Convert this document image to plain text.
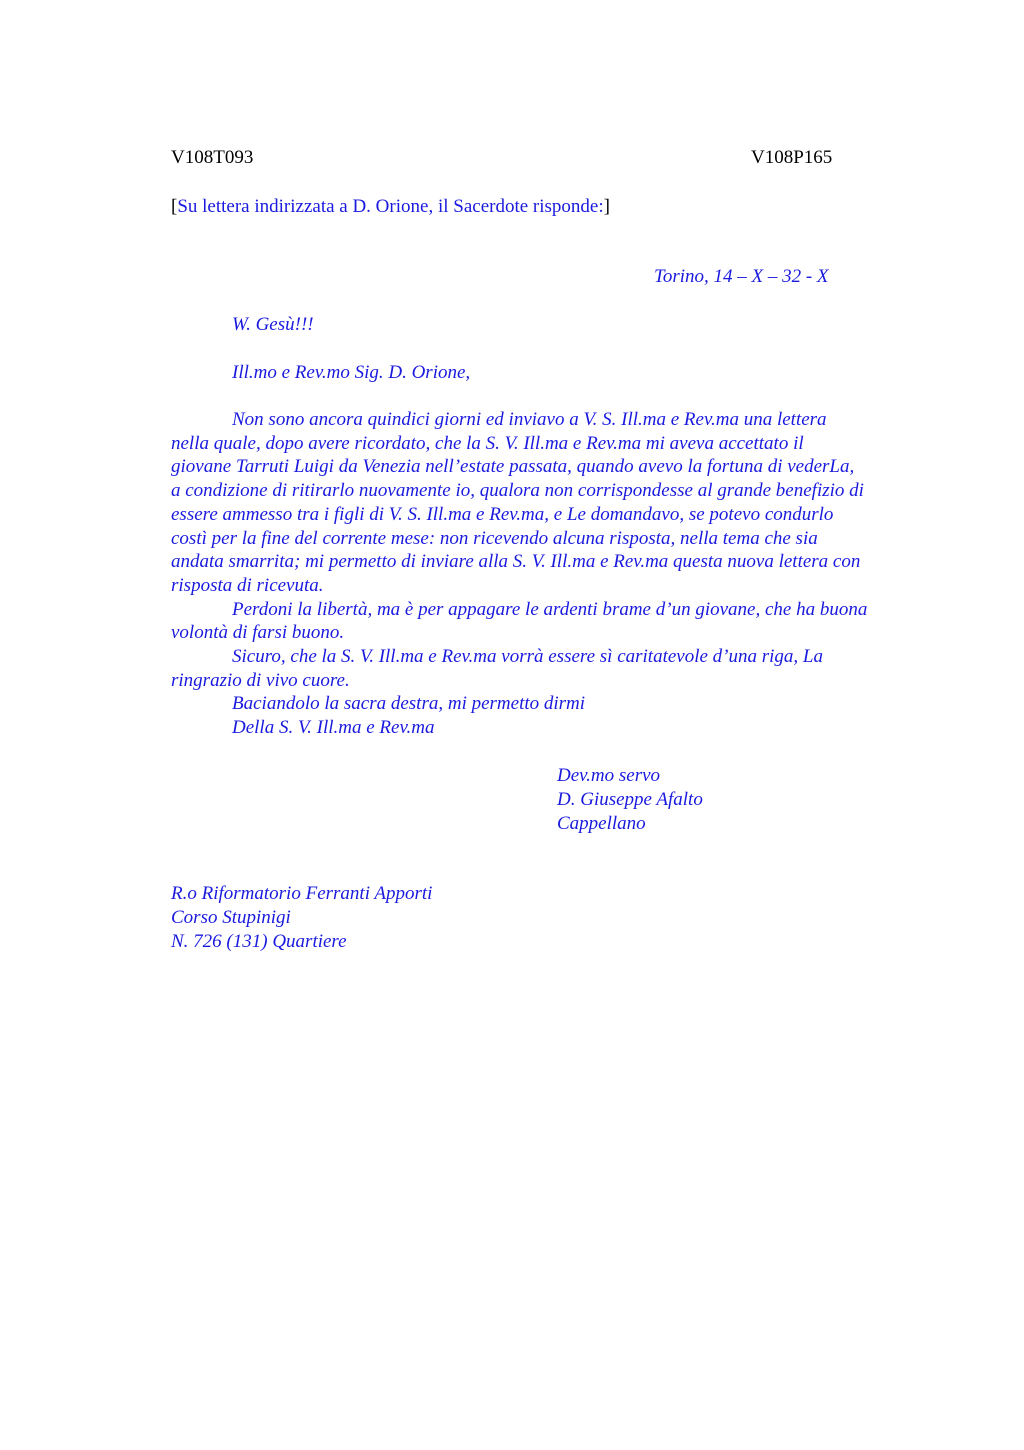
V108T093	V108P165
[Su lettera indirizzata a D. Orione, il Sacerdote risponde:]
Torino, 14 – X – 32 - X
W. Gesù!!!
Ill.mo e Rev.mo Sig. D. Orione,
Non sono ancora quindici giorni ed inviavo a V. S. Ill.ma e Rev.ma una lettera
nella quale, dopo avere ricordato, che la S. V. Ill.ma e Rev.ma mi aveva accettato il
giovane Tarruti Luigi da Venezia nell’estate passata, quando avevo la fortuna di vederLa,
a condizione di ritirarlo nuovamente io, qualora non corrispondesse al grande benefizio di
essere ammesso tra i figli di V. S. Ill.ma e Rev.ma, e Le domandavo, se potevo condurlo
costì per la fine del corrente mese: non ricevendo alcuna risposta, nella tema che sia
andata smarrita; mi permetto di inviare alla S. V. Ill.ma e Rev.ma questa nuova lettera con
risposta di ricevuta.
Perdoni la libertà, ma è per appagare le ardenti brame d’un giovane, che ha buona
volontà di farsi buono.
Sicuro, che la S. V. Ill.ma e Rev.ma vorrà essere sì caritatevole d’una riga, La
ringrazio di vivo cuore.
Baciandolo la sacra destra, mi permetto dirmi
Della S. V. Ill.ma e Rev.ma
Dev.mo servo
D. Giuseppe Afalto
Cappellano
R.o Riformatorio Ferranti Apporti
Corso Stupinigi
N. 726 (131) Quartiere
